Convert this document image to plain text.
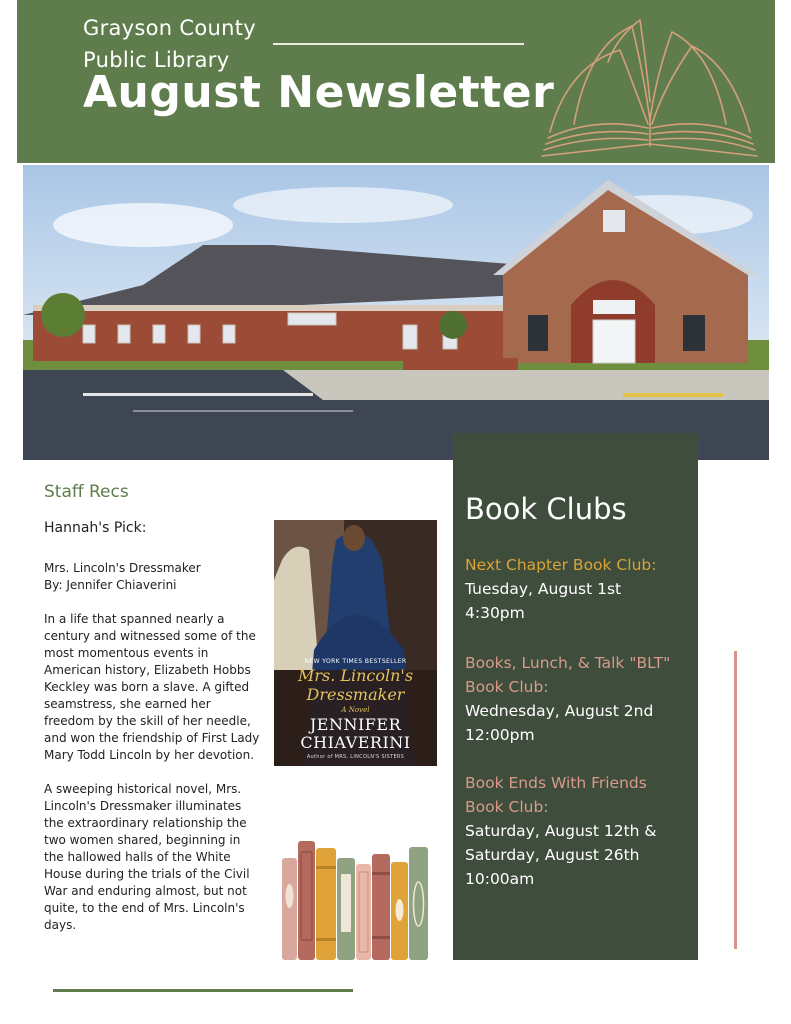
Grayson County
Public Library
August Newsletter
Staff Recs
Hannah's Pick:
Mrs. Lincoln's Dressmaker
By: Jennifer Chiaverini
In a life that spanned nearly a century and witnessed some of the most momentous events in American history, Elizabeth Hobbs Keckley was born a slave. A gifted seamstress, she earned her freedom by the skill of her needle, and won the friendship of First Lady Mary Todd Lincoln by her devotion.
A sweeping historical novel, Mrs. Lincoln's Dressmaker illuminates the extraordinary relationship the two women shared, beginning in the hallowed halls of the White House during the trials of the Civil War and enduring almost, but not quite, to the end of Mrs. Lincoln's days.
NEW YORK TIMES BESTSELLER
Mrs. Lincoln's
Dressmaker
A Novel
JENNIFER
CHIAVERINI
Author of MRS. LINCOLN'S SISTERS
Book Clubs
Next Chapter Book Club:
Tuesday, August 1st
4:30pm
Books, Lunch, & Talk "BLT"
Book Club:
Wednesday, August 2nd
12:00pm
Book Ends With Friends
Book Club:
Saturday, August 12th &
Saturday, August 26th
10:00am
